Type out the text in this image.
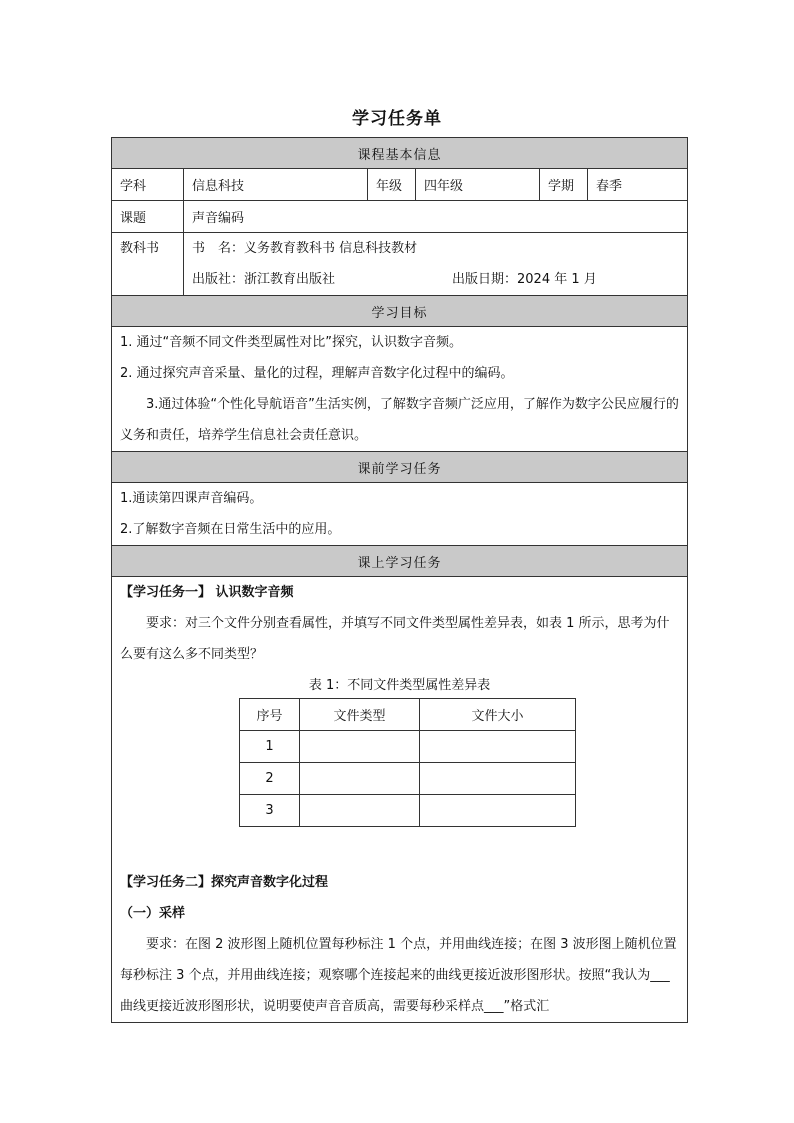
学习任务单
课程基本信息
学科	信息科技	年级	四年级	学期	春季
课题	声音编码

教科书	书　名：义务教育教科书 信息科技教材
出版社：浙江教育出版社	出版日期：2024 年 1 月

学习目标

1. 通过“音频不同文件类型属性对比”探究，认识数字音频。
2. 通过探究声音采量、量化的过程，理解声音数字化过程中的编码。
3.通过体验“个性化导航语音”生活实例，了解数字音频广泛应用，了解作为数字公民应履行的义务和责任，培养学生信息社会责任意识。

课前学习任务

1.通读第四课声音编码。
2.了解数字音频在日常生活中的应用。

课上学习任务

【学习任务一】 认识数字音频
要求：对三个文件分别查看属性，并填写不同文件类型属性差异表，如表 1 所示，思考为什么要有这么多不同类型？
表 1：不同文件类型属性差异表
序号	文件类型	文件大小
1		
2		
3		
【学习任务二】探究声音数字化过程
（一）采样
要求：在图 2 波形图上随机位置每秒标注 1 个点，并用曲线连接；在图 3 波形图上随机位置每秒标注 3 个点，并用曲线连接；观察哪个连接起来的曲线更接近波形图形状。按照“我认为___曲线更接近波形图形状，说明要使声音音质高，需要每秒采样点___”格式汇
